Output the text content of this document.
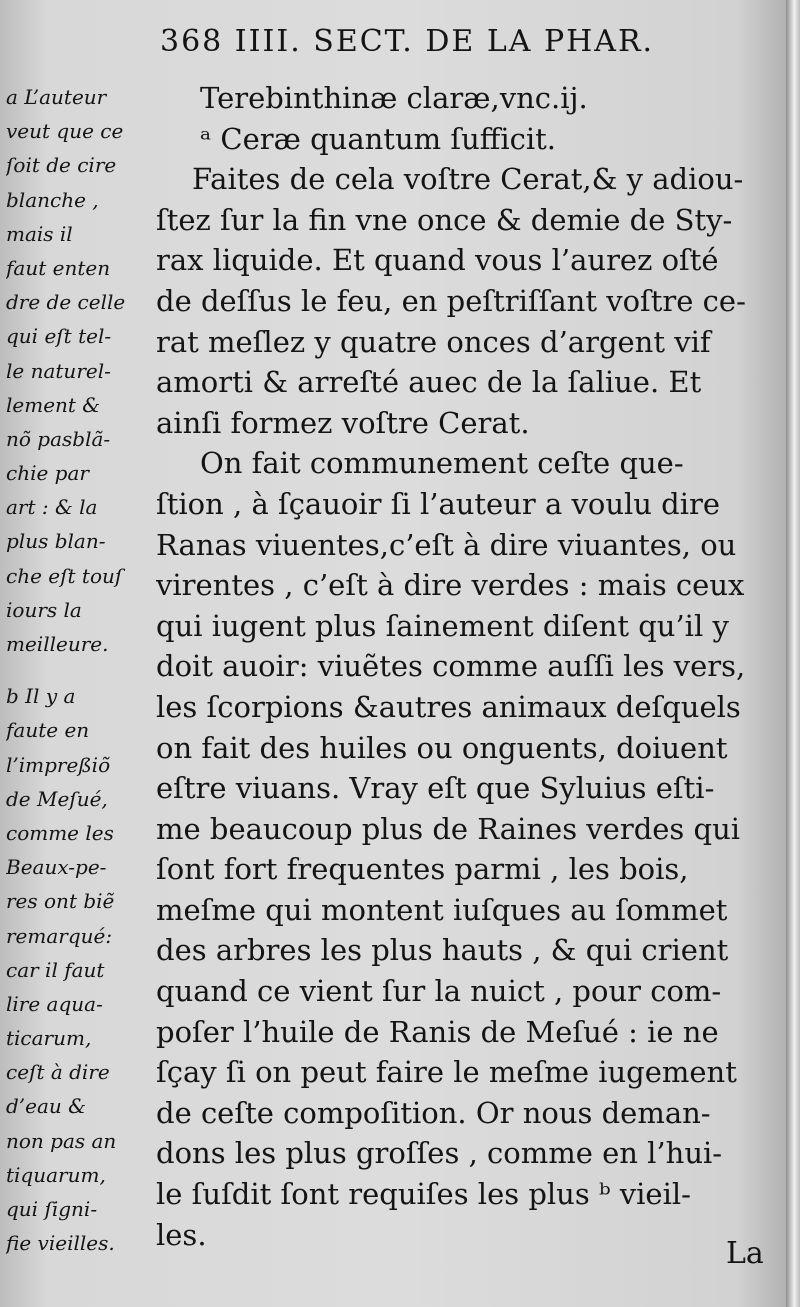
368 IIII. SECT. DE LA PHAR.
a L’auteur
veut que ce
ſoit de cire
blanche ,
mais il
faut enten
dre de celle
qui eſt tel-
le naturel-
lement &
nõ pasblã-
chie par
art : & la
plus blan-
che eſt touſ
iours la
meilleure.
b Il y a
faute en
l’impreßiõ
de Meſué,
comme les
Beaux-pe-
res ont biẽ
remarqué:
car il faut
lire aqua-
ticarum,
ceſt à dire
d’eau &
non pas an
tiquarum,
qui ſigni-
fie vieilles.
Terebinthinæ claræ,vnc.ij.
ᵃ Ceræ quantum ſufficit.
Faites de cela voſtre Cerat,& y adiou-
ſtez ſur la fin vne once & demie de Sty-
rax liquide. Et quand vous l’aurez oſté
de deſſus le feu, en peſtriſſant voſtre ce-
rat meſlez y quatre onces d’argent vif
amorti & arreſté auec de la ſaliue. Et
ainſi formez voſtre Cerat.
On fait communement ceſte que-
ſtion , à ſçauoir ſi l’auteur a voulu dire
Ranas viuentes,c’eſt à dire viuantes, ou
virentes , c’eſt à dire verdes : mais ceux
qui iugent plus ſainement diſent qu’il y
doit auoir: viuẽtes comme auſſi les vers,
les ſcorpions &autres animaux deſquels
on fait des huiles ou onguents, doiuent
eſtre viuans. Vray eſt que Syluius eſti-
me beaucoup plus de Raines verdes qui
ſont fort frequentes parmi , les bois,
meſme qui montent iuſques au ſommet
des arbres les plus hauts , & qui crient
quand ce vient ſur la nuict , pour com-
poſer l’huile de Ranis de Meſué : ie ne
ſçay ſi on peut faire le meſme iugement
de ceſte compoſition. Or nous deman-
dons les plus groſſes , comme en l’hui-
le ſuſdit ſont requiſes les plus ᵇ vieil-
les.
La
